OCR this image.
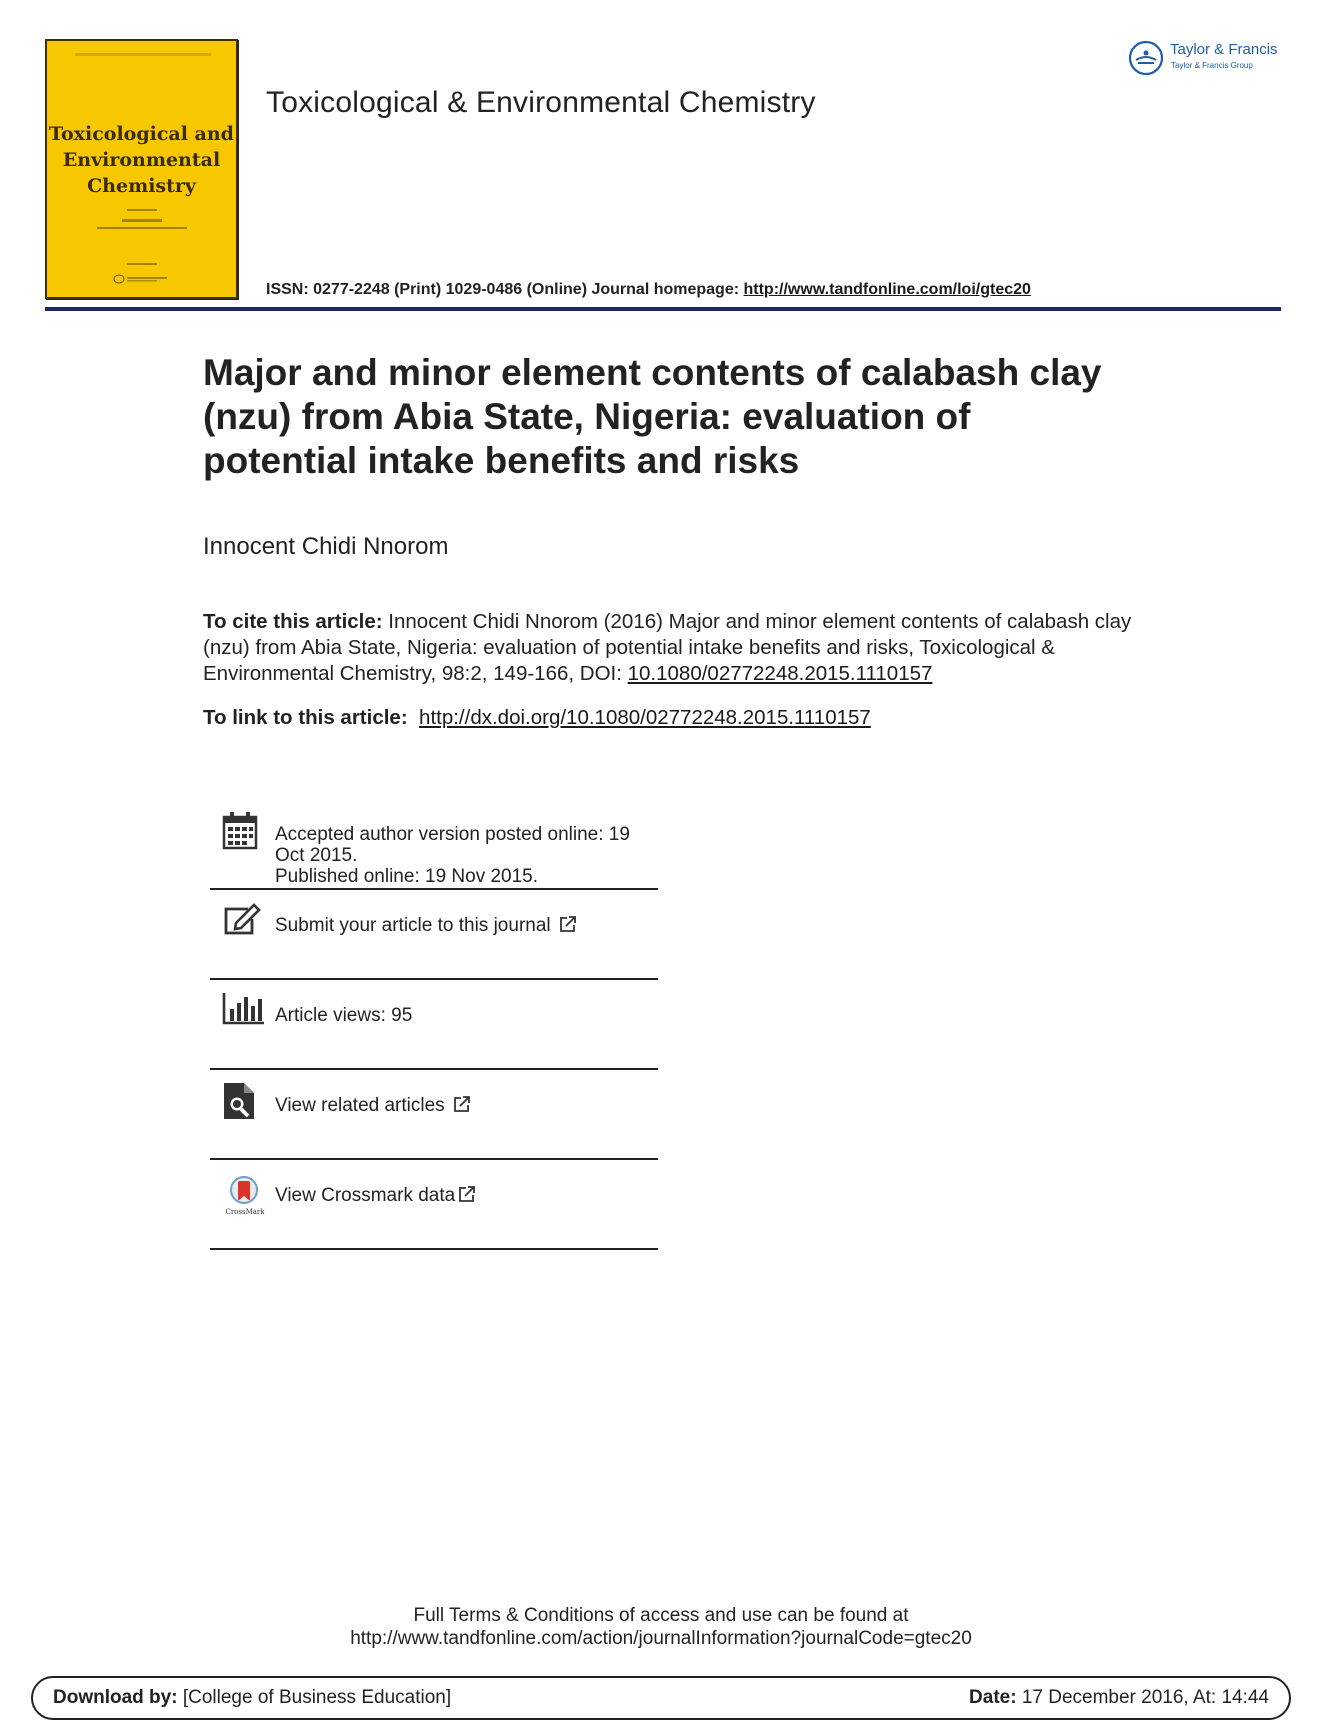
Toxicological and
Environmental
Chemistry
Toxicological & Environmental Chemistry
Taylor & Francis
Taylor & Francis Group
ISSN: 0277-2248 (Print) 1029-0486 (Online) Journal homepage: http://www.tandfonline.com/loi/gtec20
Major and minor element contents of calabash clay (nzu) from Abia State, Nigeria: evaluation of potential intake benefits and risks
Innocent Chidi Nnorom
To cite this article: Innocent Chidi Nnorom (2016) Major and minor element contents of calabash clay (nzu) from Abia State, Nigeria: evaluation of potential intake benefits and risks, Toxicological & Environmental Chemistry, 98:2, 149-166, DOI: 10.1080/02772248.2015.1110157
To link to this article: http://dx.doi.org/10.1080/02772248.2015.1110157
Accepted author version posted online: 19
Oct 2015.
Published online: 19 Nov 2015.
Submit your article to this journal
Article views: 95
View related articles
CrossMark
View Crossmark data
Full Terms & Conditions of access and use can be found at
http://www.tandfonline.com/action/journalInformation?journalCode=gtec20
Download by: [College of Business Education]	Date: 17 December 2016, At: 14:44
